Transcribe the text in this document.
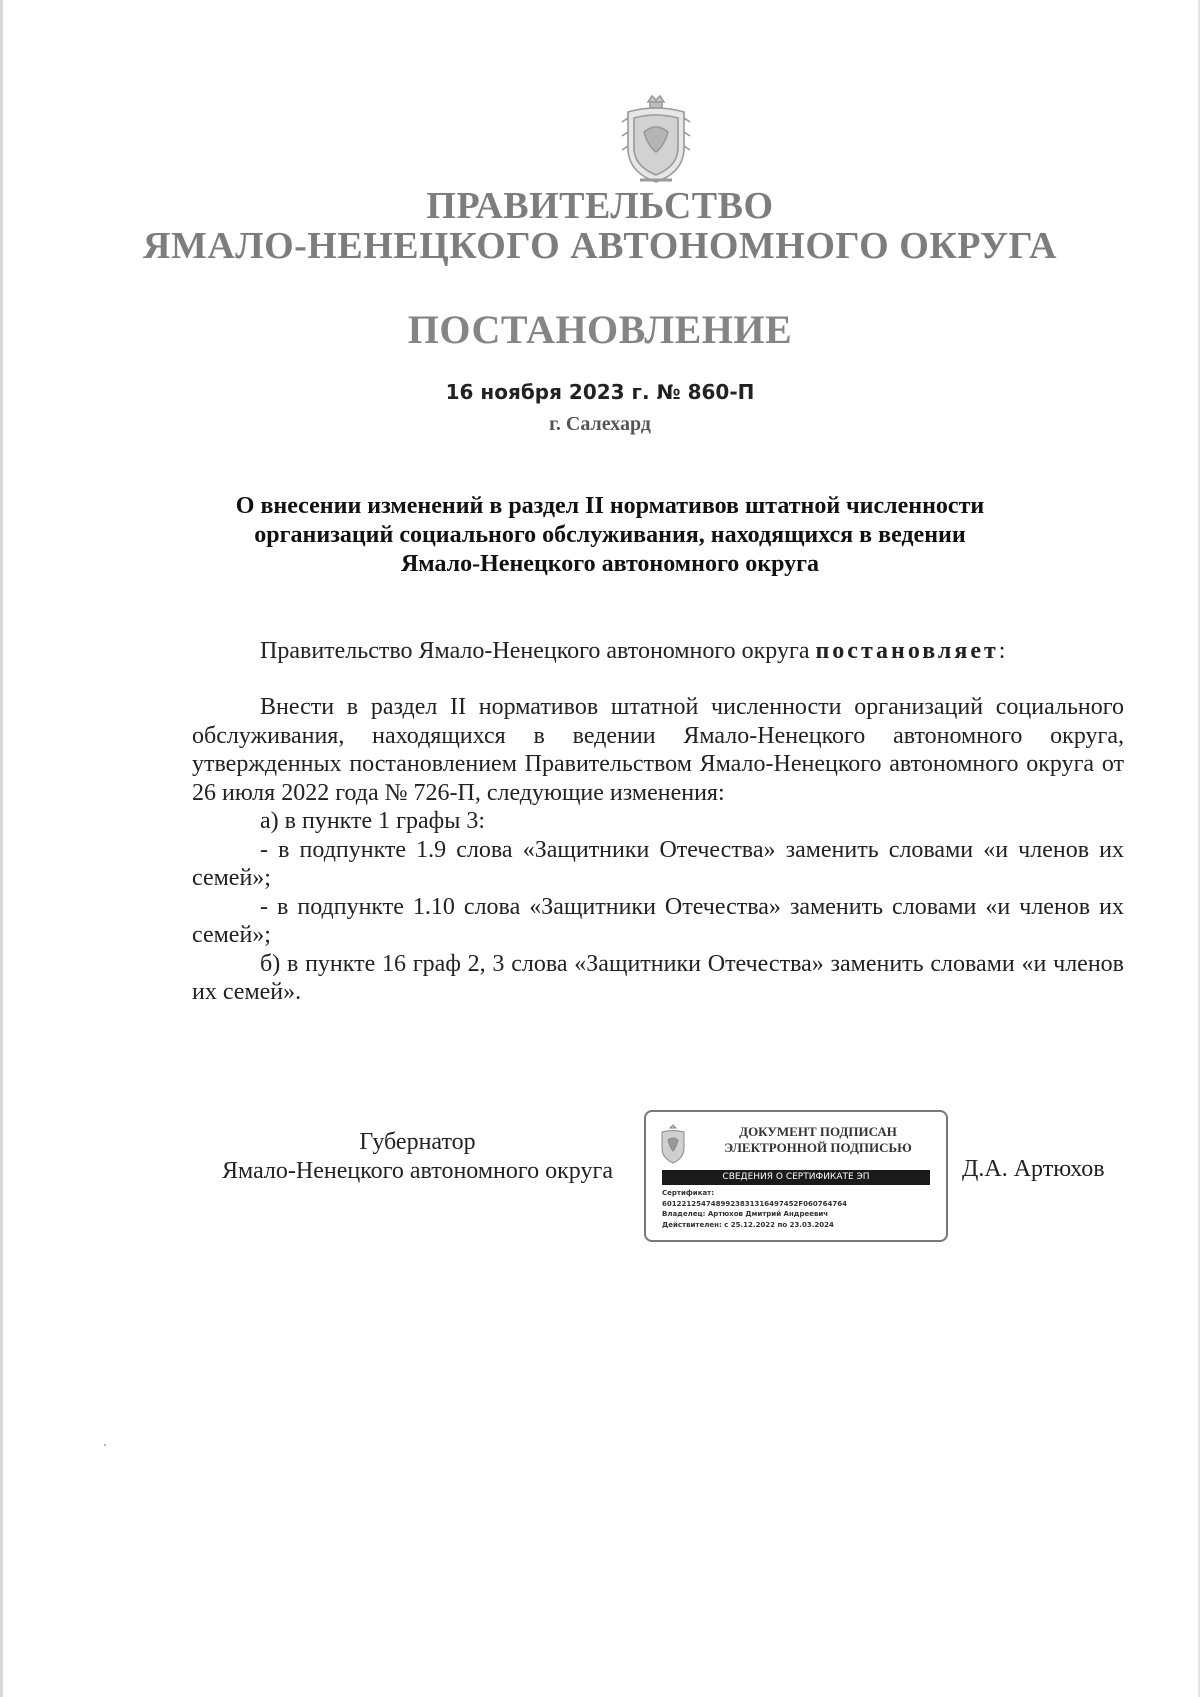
ПРАВИТЕЛЬСТВО
ЯМАЛО-НЕНЕЦКОГО АВТОНОМНОГО ОКРУГА
ПОСТАНОВЛЕНИЕ
16 ноября 2023 г. № 860-П
г. Салехард
О внесении изменений в раздел II нормативов штатной численности
организаций социального обслуживания, находящихся в ведении
Ямало-Ненецкого автономного округа
Правительство Ямало-Ненецкого автономного округа постановляет:

Внести в раздел II нормативов штатной численности организаций социального обслуживания, находящихся в ведении Ямало-Ненецкого автономного округа, утвержденных постановлением Правительством Ямало-Ненецкого автономного округа от 26 июля 2022 года № 726-П, следующие изменения:

а) в пункте 1 графы 3:

- в подпункте 1.9 слова «Защитники Отечества» заменить словами «и членов их семей»;

- в подпункте 1.10 слова «Защитники Отечества» заменить словами «и членов их семей»;

б) в пункте 16 граф 2, 3 слова «Защитники Отечества» заменить словами «и членов их семей».

Губернатор
Ямало-Ненецкого автономного округа
ДОКУМЕНТ ПОДПИСАН
ЭЛЕКТРОННОЙ ПОДПИСЬЮ
СВЕДЕНИЯ О СЕРТИФИКАТЕ ЭП
Сертификат:
6012212547489923831316497452F060764764
Владелец: Артюхов Дмитрий Андреевич
Действителен: с 25.12.2022 по 23.03.2024
Д.А. Артюхов
